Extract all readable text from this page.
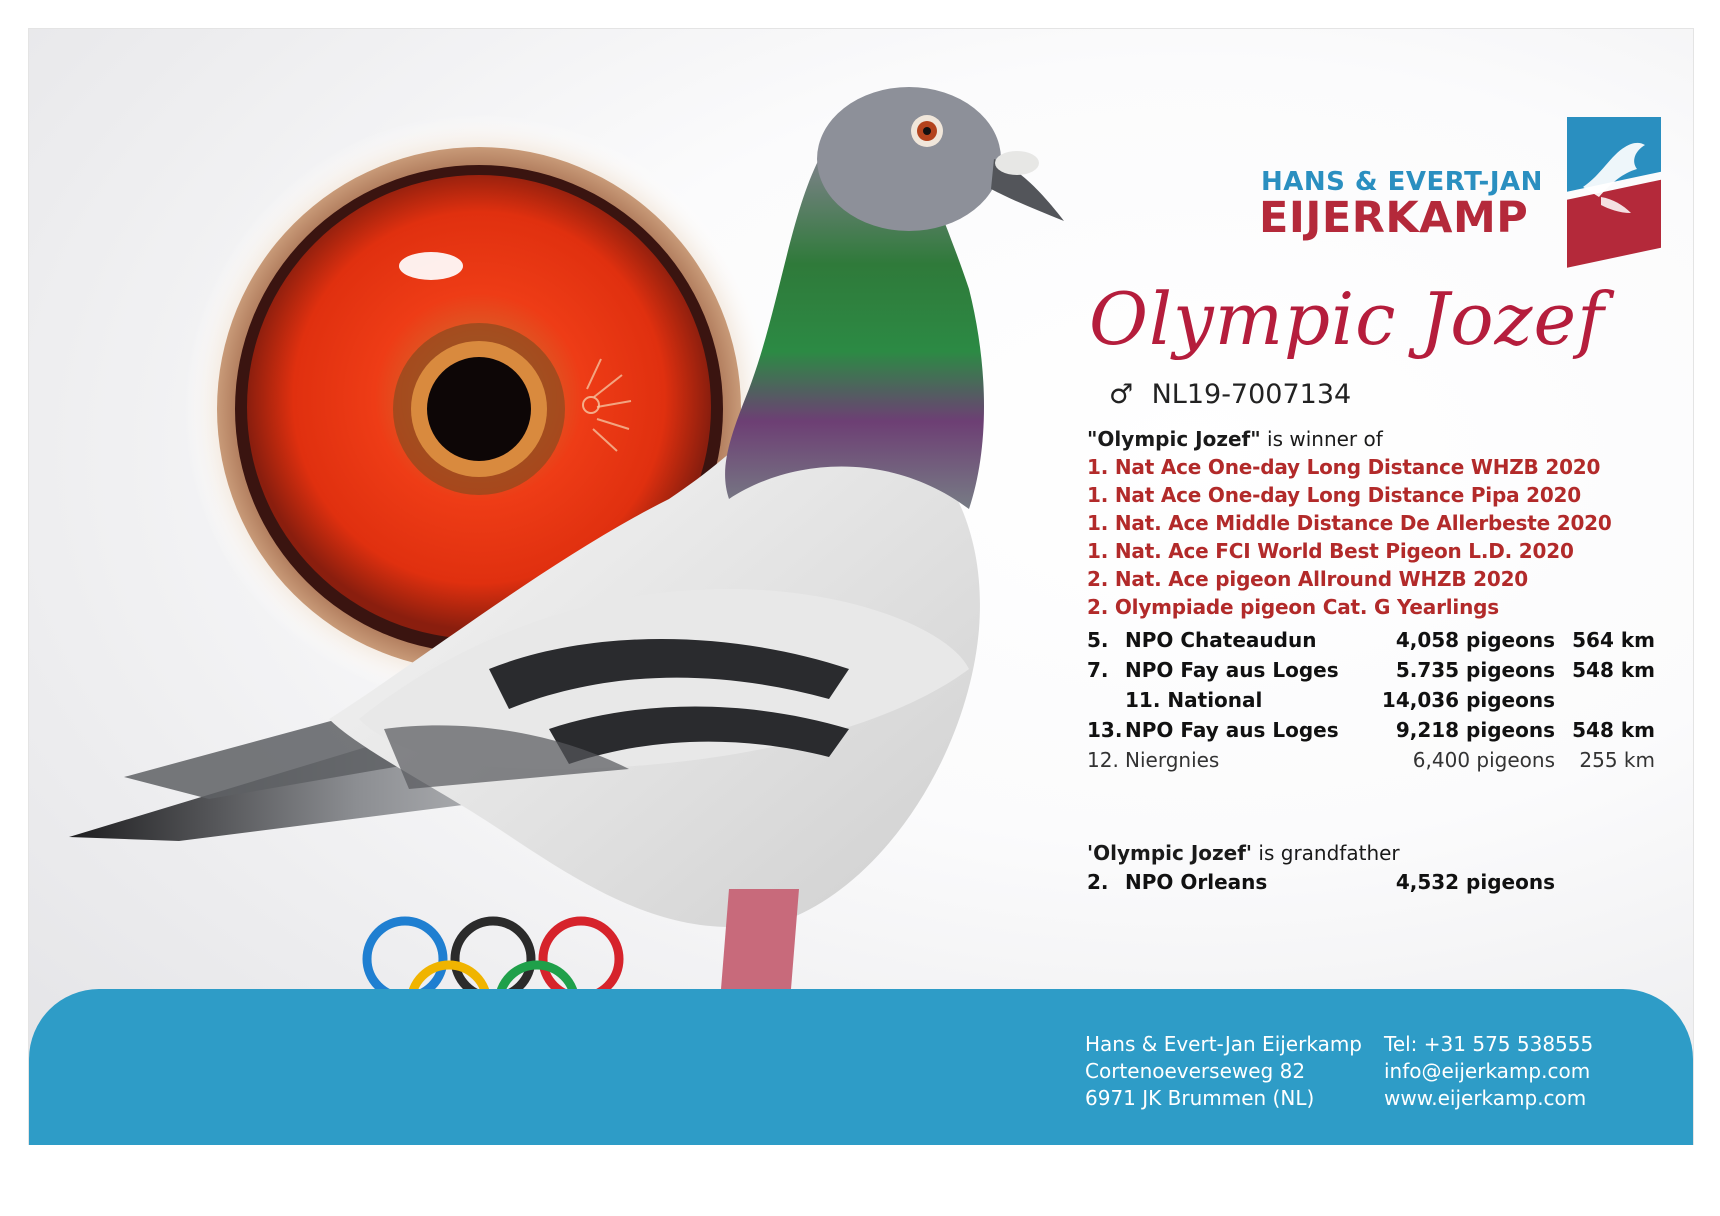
HANS & EVERT-JAN
EIJERKAMP
Olympic Jozef
♂ NL19-7007134
"Olympic Jozef" is winner of
1. Nat Ace One-day Long Distance WHZB 2020
1. Nat Ace One-day Long Distance Pipa 2020
1. Nat. Ace Middle Distance De Allerbeste 2020
1. Nat. Ace FCI World Best Pigeon L.D. 2020
2. Nat. Ace pigeon Allround WHZB 2020
2. Olympiade pigeon Cat. G Yearlings
5.	NPO Chateaudun	4,058 pigeons	564 km
7.	NPO Fay aus Loges	5.735 pigeons	548 km
	11. National	14,036 pigeons	
13.	NPO Fay aus Loges	9,218 pigeons	548 km
12.	Niergnies	6,400 pigeons	255 km
'Olympic Jozef' is grandfather
2.	NPO Orleans	4,532 pigeons
Hans & Evert-Jan Eijerkamp
Cortenoeverseweg 82
6971 JK Brummen (NL)
Tel: +31 575 538555
info@eijerkamp.com
www.eijerkamp.com
